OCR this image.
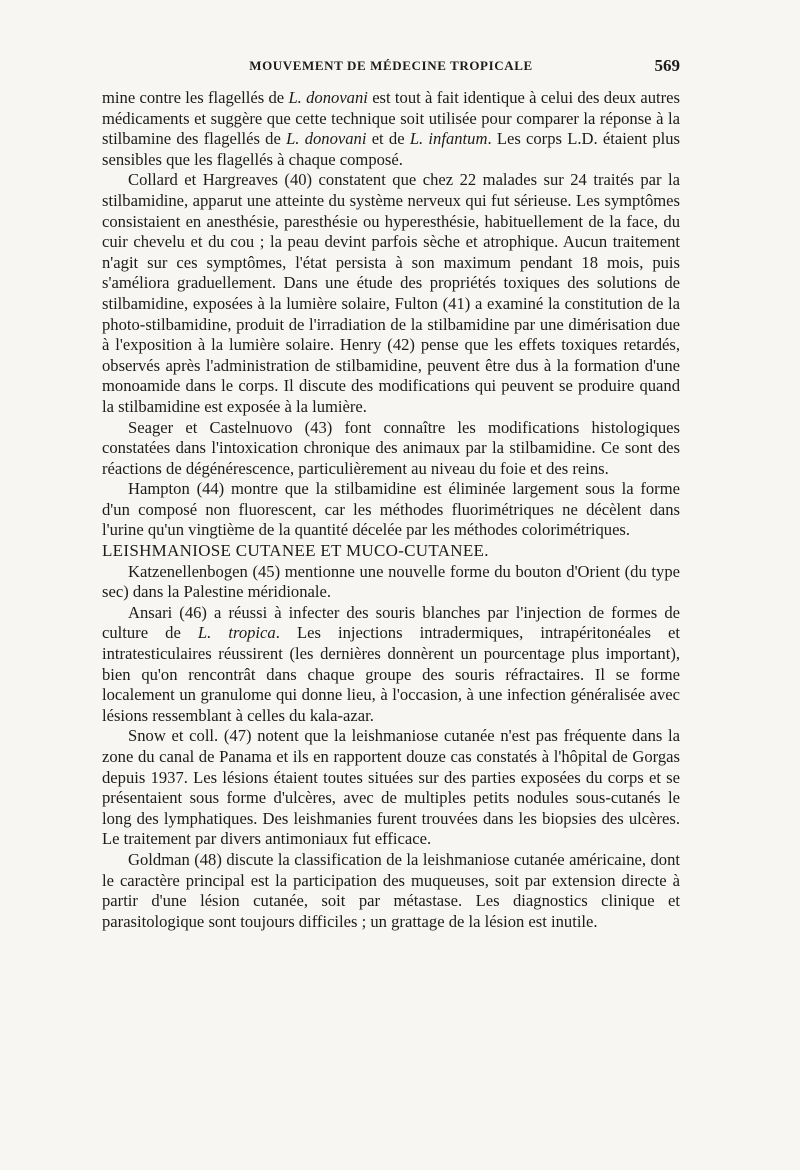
MOUVEMENT DE MÉDECINE TROPICALE	569

mine contre les flagellés de L. donovani est tout à fait identique à celui des deux autres médicaments et suggère que cette technique soit utilisée pour comparer la réponse à la stilbamine des flagellés de L. donovani et de L. infantum. Les corps L.D. étaient plus sensibles que les flagellés à chaque composé.

Collard et Hargreaves (40) constatent que chez 22 malades sur 24 traités par la stilbamidine, apparut une atteinte du système nerveux qui fut sérieuse. Les symptômes consistaient en anesthésie, paresthésie ou hyperesthésie, habituellement de la face, du cuir chevelu et du cou ; la peau devint parfois sèche et atrophique. Aucun traitement n'agit sur ces symptômes, l'état persista à son maximum pendant 18 mois, puis s'améliora graduellement. Dans une étude des propriétés toxiques des solutions de stilbamidine, exposées à la lumière solaire, Fulton (41) a examiné la constitution de la photo-stilbamidine, produit de l'irradiation de la stilbamidine par une dimérisation due à l'exposition à la lumière solaire. Henry (42) pense que les effets toxiques retardés, observés après l'administration de stilbamidine, peuvent être dus à la formation d'une monoamide dans le corps. Il discute des modifications qui peuvent se produire quand la stilbamidine est exposée à la lumière.

Seager et Castelnuovo (43) font connaître les modifications histologiques constatées dans l'intoxication chronique des animaux par la stilbamidine. Ce sont des réactions de dégénérescence, particulièrement au niveau du foie et des reins.

Hampton (44) montre que la stilbamidine est éliminée largement sous la forme d'un composé non fluorescent, car les méthodes fluorimétriques ne décèlent dans l'urine qu'un vingtième de la quantité décelée par les méthodes colorimétriques.

LEISHMANIOSE CUTANEE ET MUCO-CUTANEE.

Katzenellenbogen (45) mentionne une nouvelle forme du bouton d'Orient (du type sec) dans la Palestine méridionale.

Ansari (46) a réussi à infecter des souris blanches par l'injection de formes de culture de L. tropica. Les injections intradermiques, intrapéritonéales et intratesticulaires réussirent (les dernières donnèrent un pourcentage plus important), bien qu'on rencontrât dans chaque groupe des souris réfractaires. Il se forme localement un granulome qui donne lieu, à l'occasion, à une infection généralisée avec lésions ressemblant à celles du kala-azar.

Snow et coll. (47) notent que la leishmaniose cutanée n'est pas fréquente dans la zone du canal de Panama et ils en rapportent douze cas constatés à l'hôpital de Gorgas depuis 1937. Les lésions étaient toutes situées sur des parties exposées du corps et se présentaient sous forme d'ulcères, avec de multiples petits nodules sous-cutanés le long des lymphatiques. Des leishmanies furent trouvées dans les biopsies des ulcères. Le traitement par divers antimoniaux fut efficace.

Goldman (48) discute la classification de la leishmaniose cutanée américaine, dont le caractère principal est la participation des muqueuses, soit par extension directe à partir d'une lésion cutanée, soit par métastase. Les diagnostics clinique et parasitologique sont toujours difficiles ; un grattage de la lésion est inutile.
